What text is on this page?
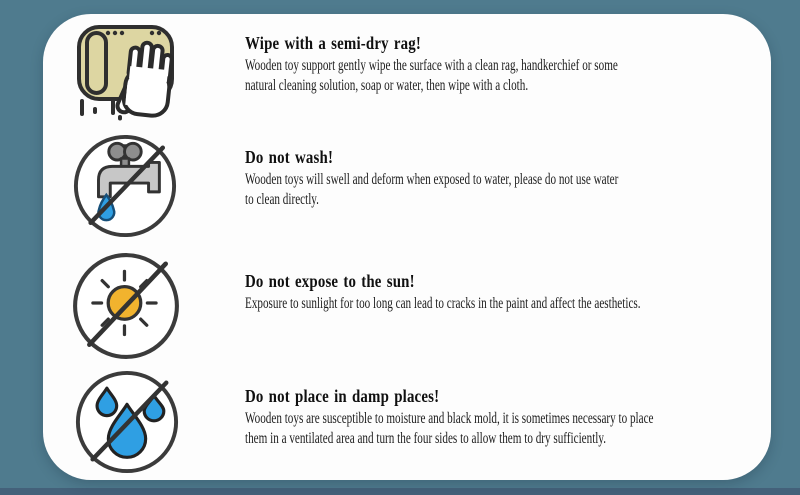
Wipe with a semi-dry rag!

Wooden toy support gently wipe the surface with a clean rag, handkerchief or some

natural cleaning solution, soap or water, then wipe with a cloth.

Do not wash!

Wooden toys will swell and deform when exposed to water, please do not use water

to clean directly.

Do not expose to the sun!

Exposure to sunlight for too long can lead to cracks in the paint and affect the aesthetics.

Do not place in damp places!

Wooden toys are susceptible to moisture and black mold, it is sometimes necessary to place

them in a ventilated area and turn the four sides to allow them to dry sufficiently.
